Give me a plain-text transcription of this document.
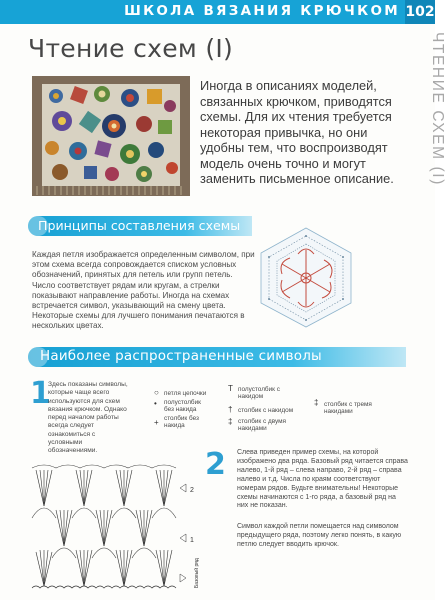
ШКОЛА ВЯЗАНИЯ КРЮЧКОМ 102
ЧТЕНИЕ СХЕМ (I)
Чтение схем (I)
Иногда в описаниях моделей, связанных крючком, приводятся схемы. Для их чтения требуется некоторая привычка, но они удобны тем, что воспроизводят модель очень точно и могут заменить письменное описание.
Принципы составления схемы
Каждая петля изображается определенным символом, при этом схема всегда сопровождается списком условных обозначений, принятых для петель или групп петель. Число соответствует рядам или кругам, а стрелки показывают направление работы. Иногда на схемах встречается символ, указывающий на смену цвета. Некоторые схемы для лучшего понимания печатаются в нескольких цветах.
Наиболее распространенные символы
1
Здесь показаны символы, которые чаще всего используются для схем вязания крючком. Однако перед началом работы всегда следует ознакомиться с условными обозначениями.
○ петля цепочки
• полустолбик без накида
+ столбик без накида
T полустолбик с накидом
† столбик с накидом
‡ столбик с двумя накидами
‡ столбик с тремя накидами
2
1
Базовый ряд
2 Слева приведен пример схемы, на которой изображено два ряда. Базовый ряд читается справа налево, 1-й ряд – слева направо, 2-й ряд – справа налево и т.д. Числа по краям соответствуют номерам рядов. Будьте внимательны! Некоторые схемы начинаются с 1-го ряда, а базовый ряд на них не показан.
Символ каждой петли помещается над символом предыдущего ряда, поэтому легко понять, в какую петлю следует вводить крючок.
